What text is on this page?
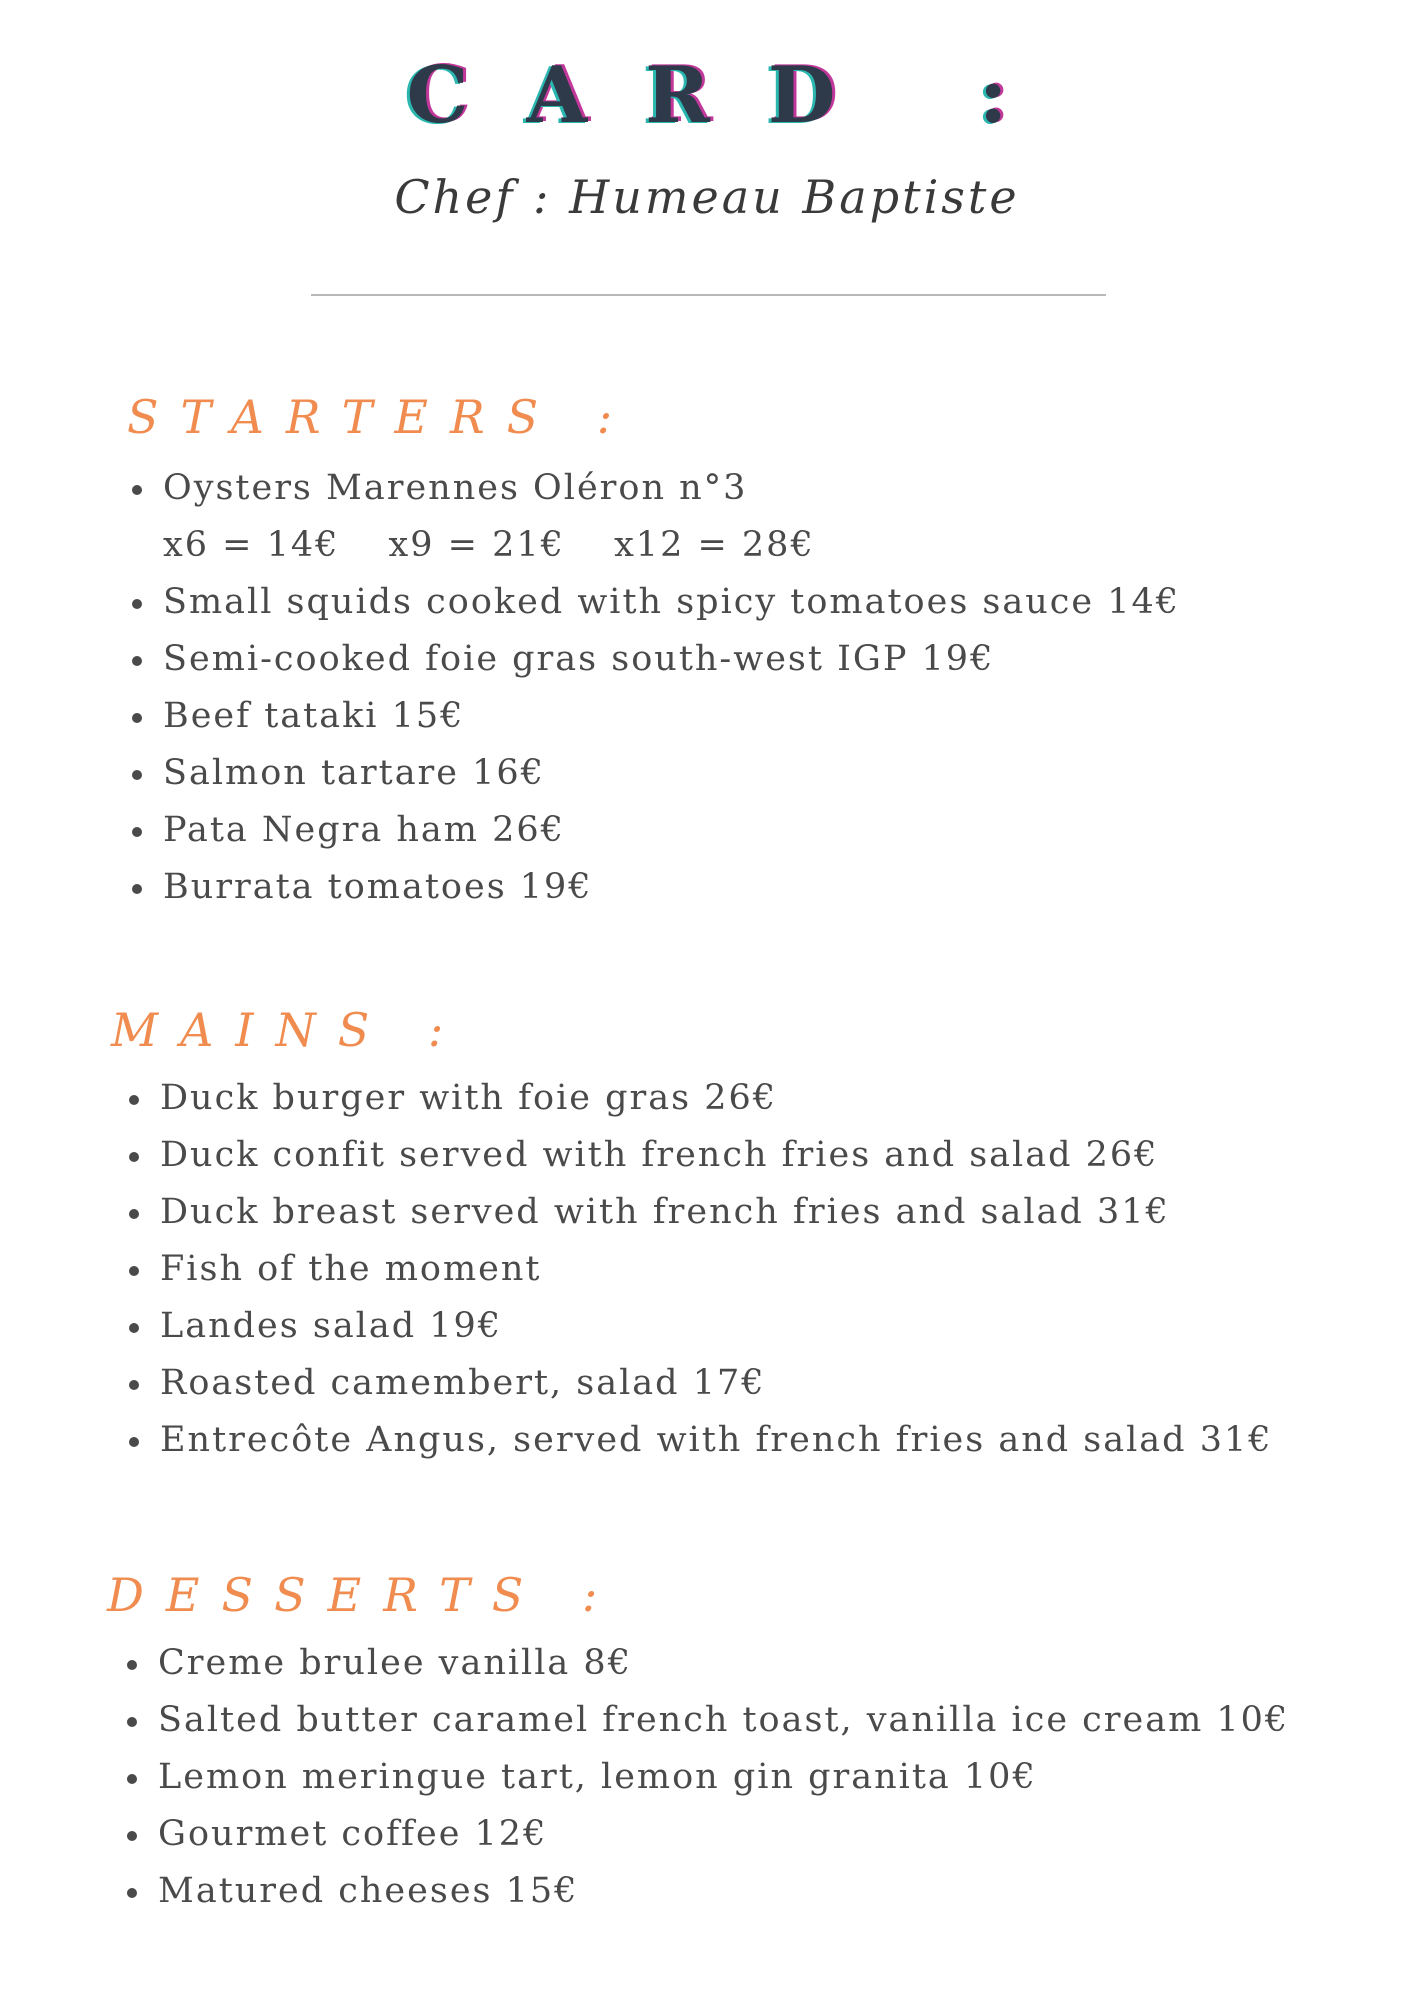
CARD :

Chef : Humeau Baptiste

STARTERS :
Oysters Marennes Oléron n°3
x6 = 14€ x9 = 21€ x12 = 28€
Small squids cooked with spicy tomatoes sauce 14€
Semi-cooked foie gras south-west IGP 19€
Beef tataki 15€
Salmon tartare 16€
Pata Negra ham 26€
Burrata tomatoes 19€
MAINS :
Duck burger with foie gras 26€
Duck confit served with french fries and salad 26€
Duck breast served with french fries and salad 31€
Fish of the moment
Landes salad 19€
Roasted camembert, salad 17€
Entrecôte Angus, served with french fries and salad 31€
DESSERTS :
Creme brulee vanilla 8€
Salted butter caramel french toast, vanilla ice cream 10€
Lemon meringue tart, lemon gin granita 10€
Gourmet coffee 12€
Matured cheeses 15€
